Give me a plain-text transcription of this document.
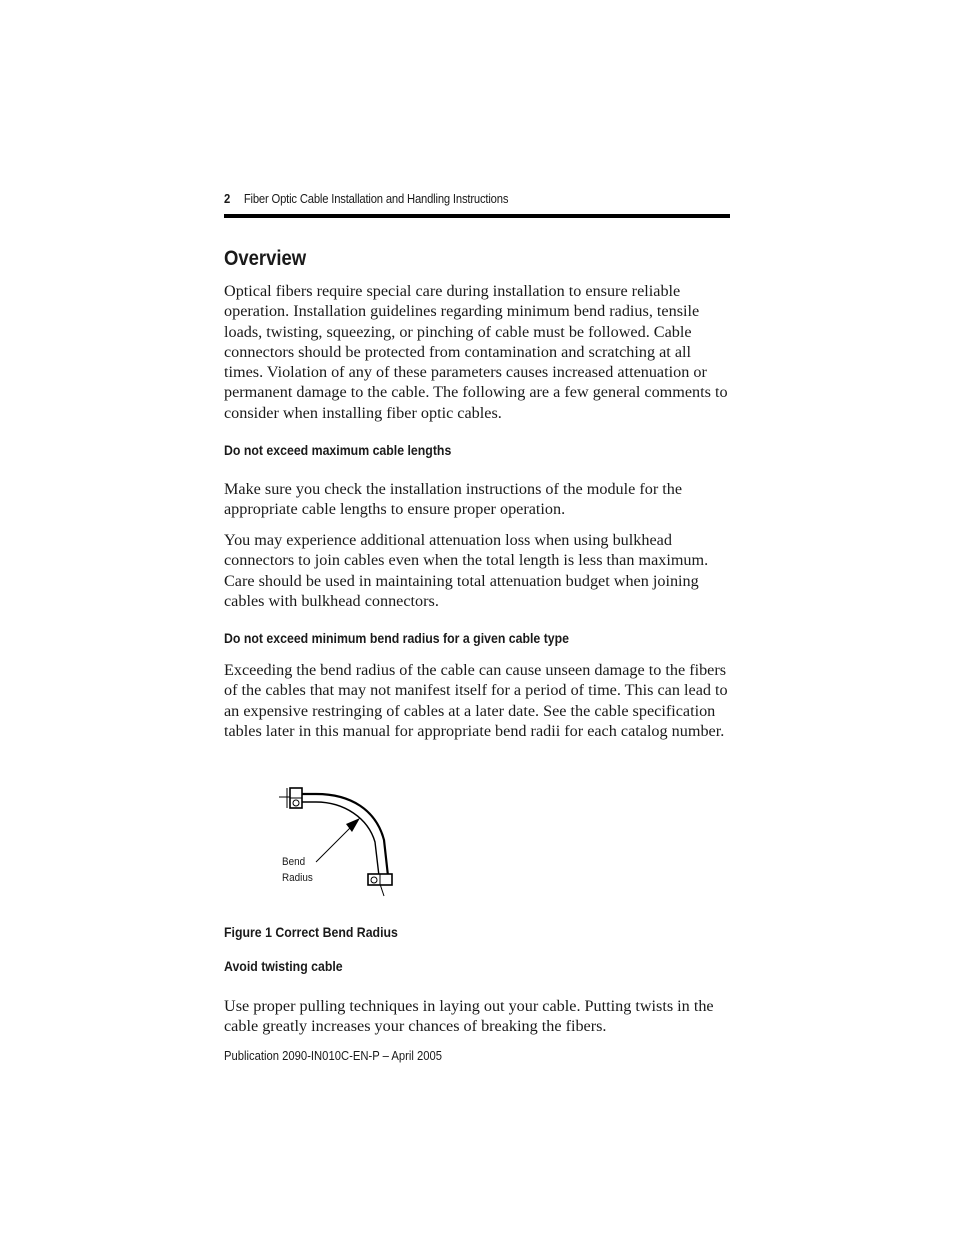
2 Fiber Optic Cable Installation and Handling Instructions
Overview

Optical fibers require special care during installation to ensure reliable operation. Installation guidelines regarding minimum bend radius, tensile loads, twisting, squeezing, or pinching of cable must be followed. Cable connectors should be protected from contamination and scratching at all times. Violation of any of these parameters causes increased attenuation or permanent damage to the cable. The following are a few general comments to consider when installing fiber optic cables.

Do not exceed maximum cable lengths

Make sure you check the installation instructions of the module for the appropriate cable lengths to ensure proper operation.

You may experience additional attenuation loss when using bulkhead connectors to join cables even when the total length is less than maximum. Care should be used in maintaining total attenuation budget when joining cables with bulkhead connectors.

Do not exceed minimum bend radius for a given cable type

Exceeding the bend radius of the cable can cause unseen damage to the fibers of the cables that may not manifest itself for a period of time. This can lead to an expensive restringing of cables at a later date. See the cable specification tables later in this manual for appropriate bend radii for each catalog number.

Bend
Radius
Figure 1 Correct Bend Radius
Avoid twisting cable

Use proper pulling techniques in laying out your cable. Putting twists in the cable greatly increases your chances of breaking the fibers.

Publication 2090-IN010C-EN-P – April 2005
